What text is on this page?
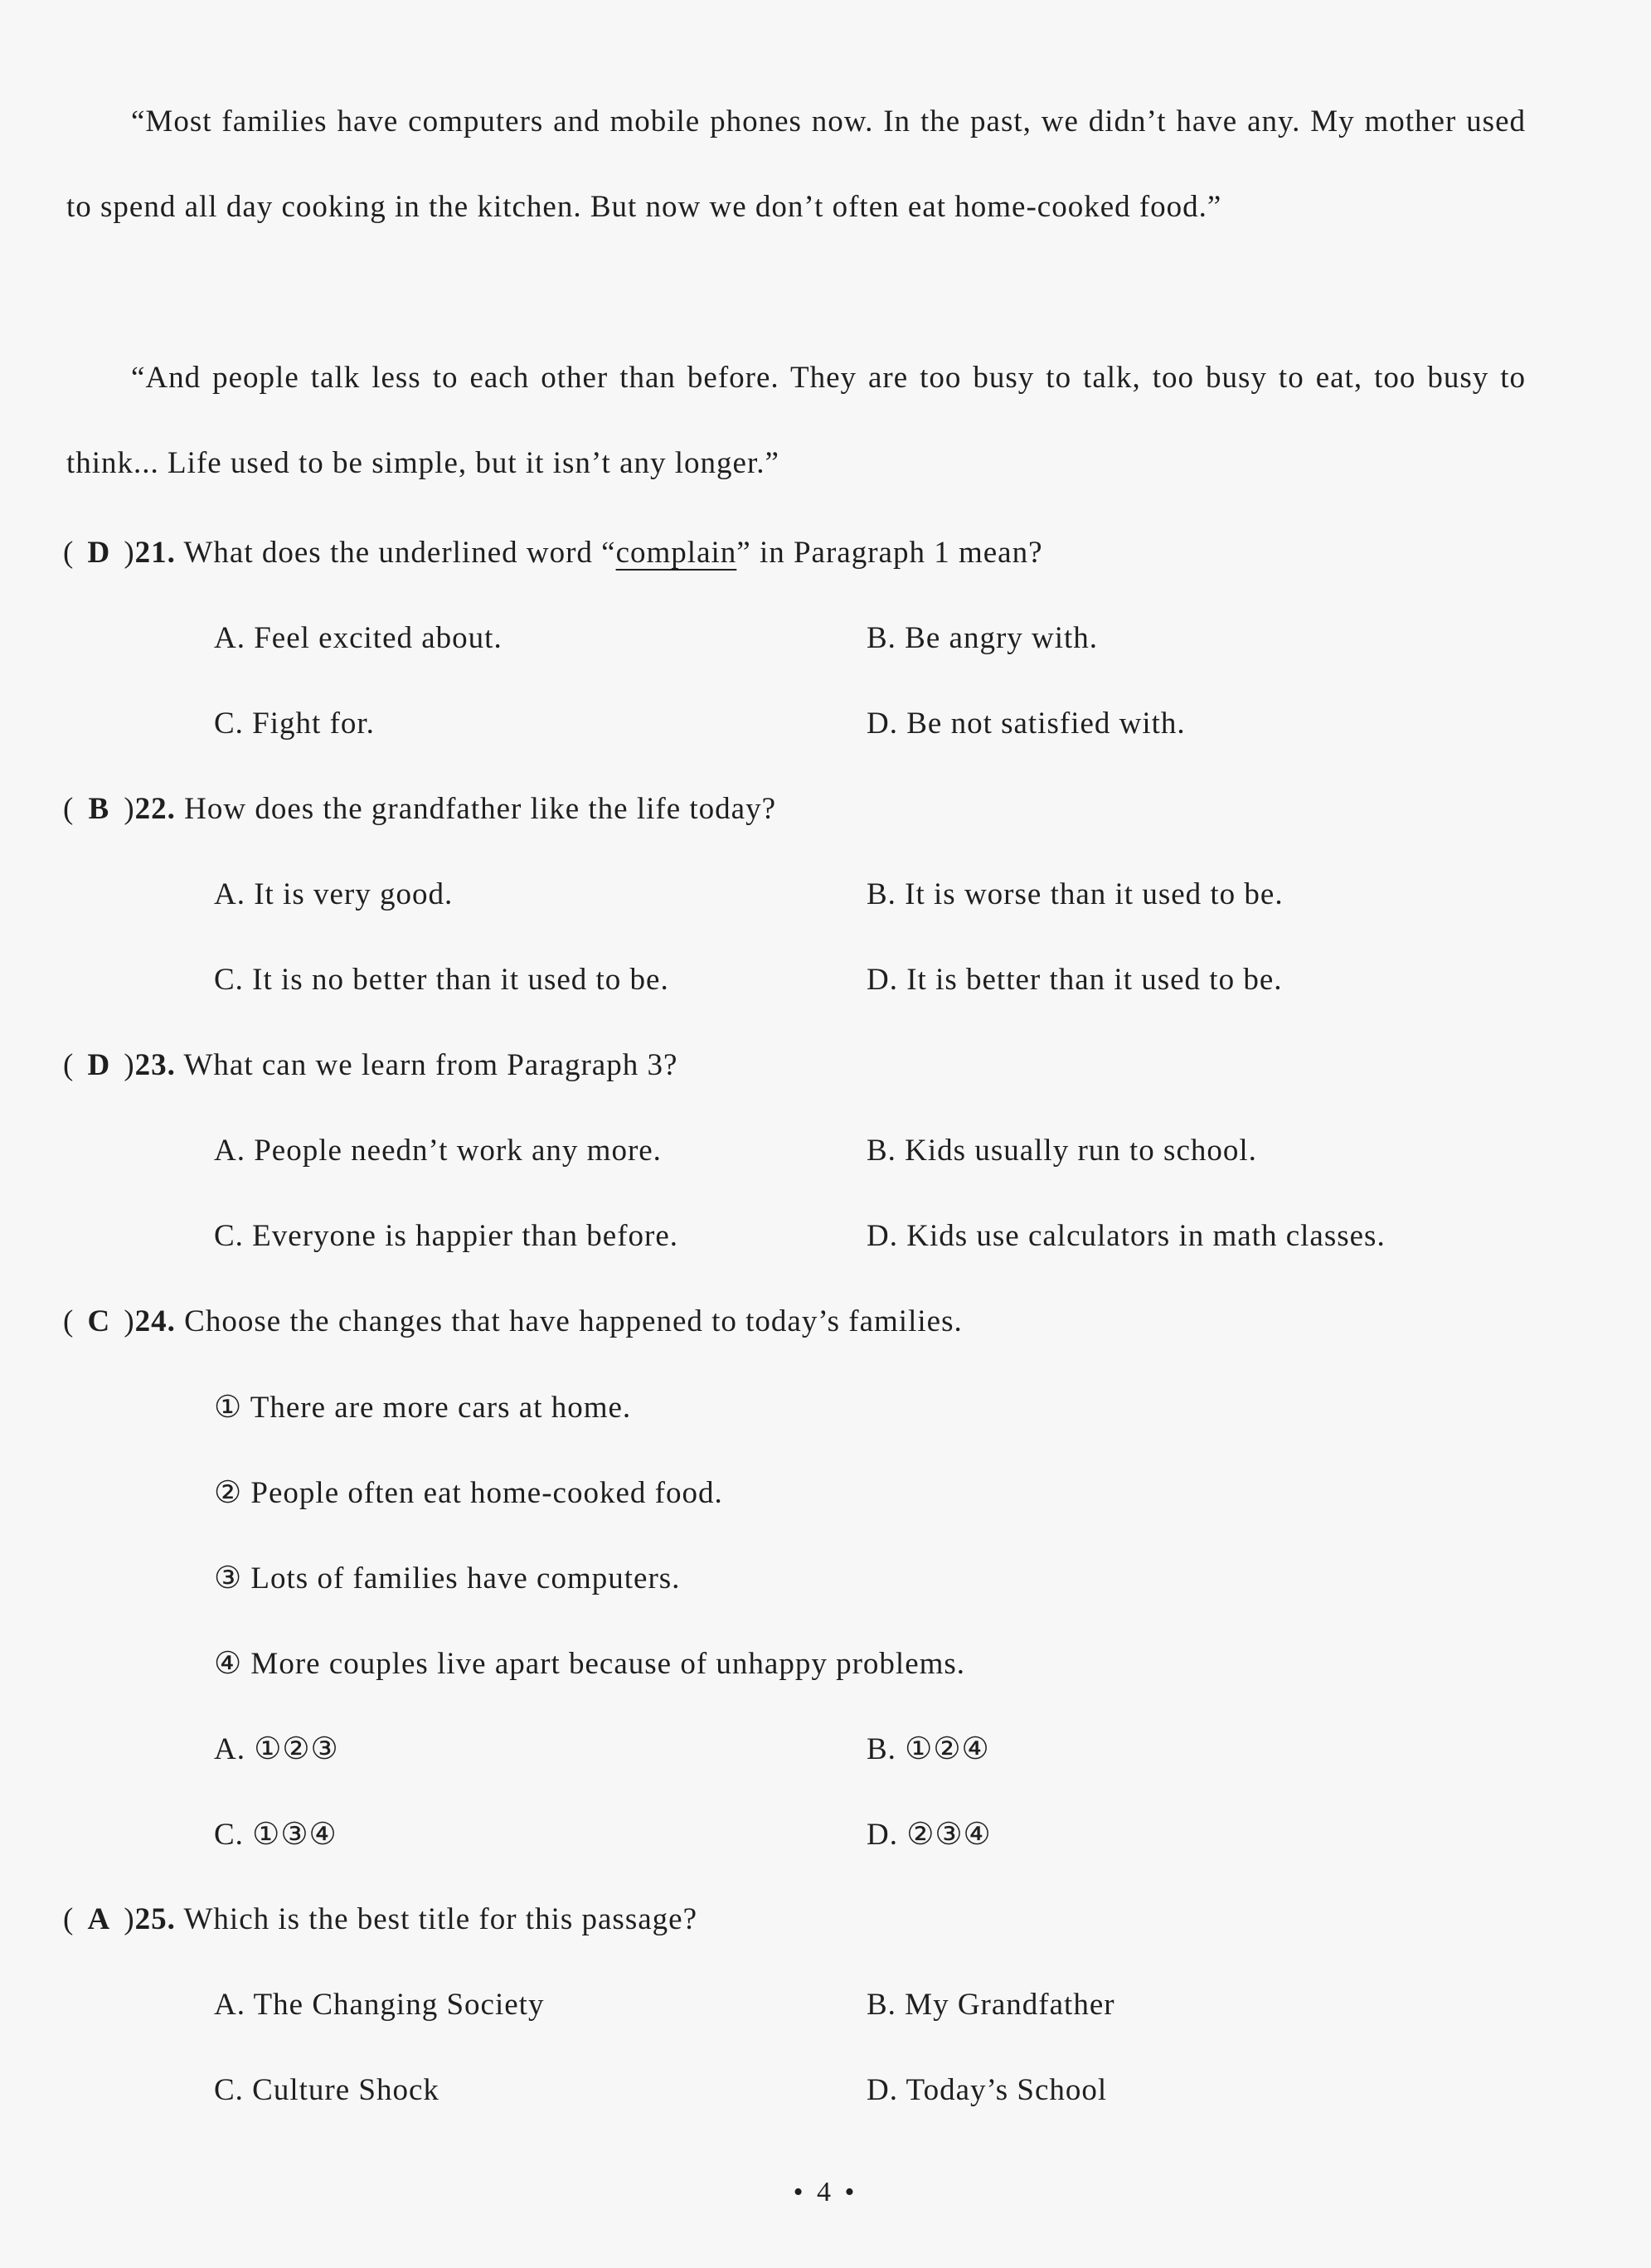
“Most families have computers and mobile phones now. In the past, we didn’t have any. My mother used to spend all day cooking in the kitchen. But now we don’t often eat home-cooked food.”
“And people talk less to each other than before. They are too busy to talk, too busy to eat, too busy to think... Life used to be simple, but it isn’t any longer.”
( D )21. What does the underlined word “complain” in Paragraph 1 mean?
A. Feel excited about.	B. Be angry with.
C. Fight for.	D. Be not satisfied with.
( B )22. How does the grandfather like the life today?
A. It is very good.	B. It is worse than it used to be.
C. It is no better than it used to be.	D. It is better than it used to be.
( D )23. What can we learn from Paragraph 3?
A. People needn’t work any more.	B. Kids usually run to school.
C. Everyone is happier than before.	D. Kids use calculators in math classes.
( C )24. Choose the changes that have happened to today’s families.
① There are more cars at home.
② People often eat home-cooked food.
③ Lots of families have computers.
④ More couples live apart because of unhappy problems.
A. ①②③	B. ①②④
C. ①③④	D. ②③④
( A )25. Which is the best title for this passage?
A. The Changing Society	B. My Grandfather
C. Culture Shock	D. Today’s School
• 4 •
